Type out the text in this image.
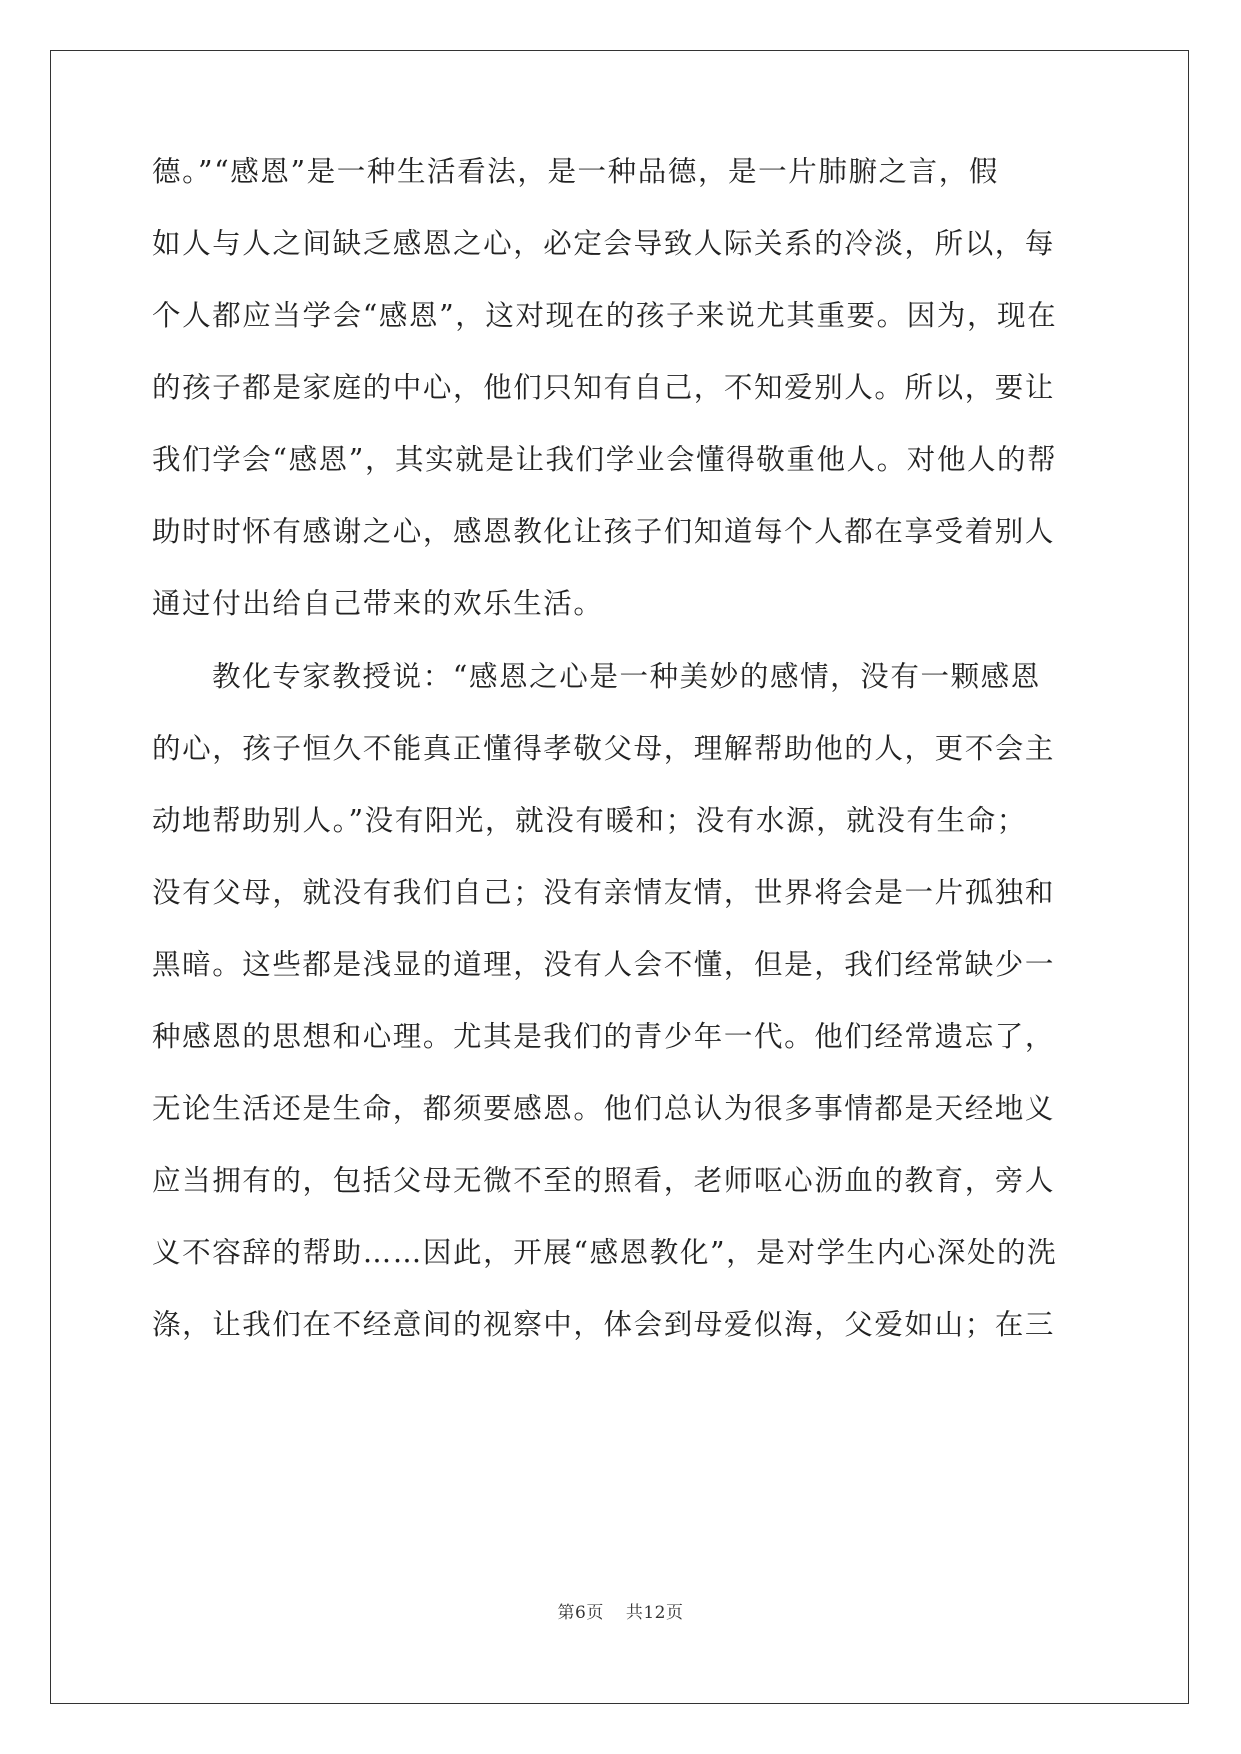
德。”“感恩”是一种生活看法，是一种品德，是一片肺腑之言，假
如人与人之间缺乏感恩之心，必定会导致人际关系的冷淡，所以，每
个人都应当学会“感恩”，这对现在的孩子来说尤其重要。因为，现在
的孩子都是家庭的中心，他们只知有自己，不知爱别人。所以，要让
我们学会“感恩”，其实就是让我们学业会懂得敬重他人。对他人的帮
助时时怀有感谢之心，感恩教化让孩子们知道每个人都在享受着别人
通过付出给自己带来的欢乐生活。
教化专家教授说：“感恩之心是一种美妙的感情，没有一颗感恩
的心，孩子恒久不能真正懂得孝敬父母，理解帮助他的人，更不会主
动地帮助别人。”没有阳光，就没有暖和；没有水源，就没有生命；
没有父母，就没有我们自己；没有亲情友情，世界将会是一片孤独和
黑暗。这些都是浅显的道理，没有人会不懂，但是，我们经常缺少一
种感恩的思想和心理。尤其是我们的青少年一代。他们经常遗忘了，
无论生活还是生命，都须要感恩。他们总认为很多事情都是天经地义
应当拥有的，包括父母无微不至的照看，老师呕心沥血的教育，旁人
义不容辞的帮助……因此，开展“感恩教化”，是对学生内心深处的洗
涤，让我们在不经意间的视察中，体会到母爱似海，父爱如山；在三
第6页 共12页
